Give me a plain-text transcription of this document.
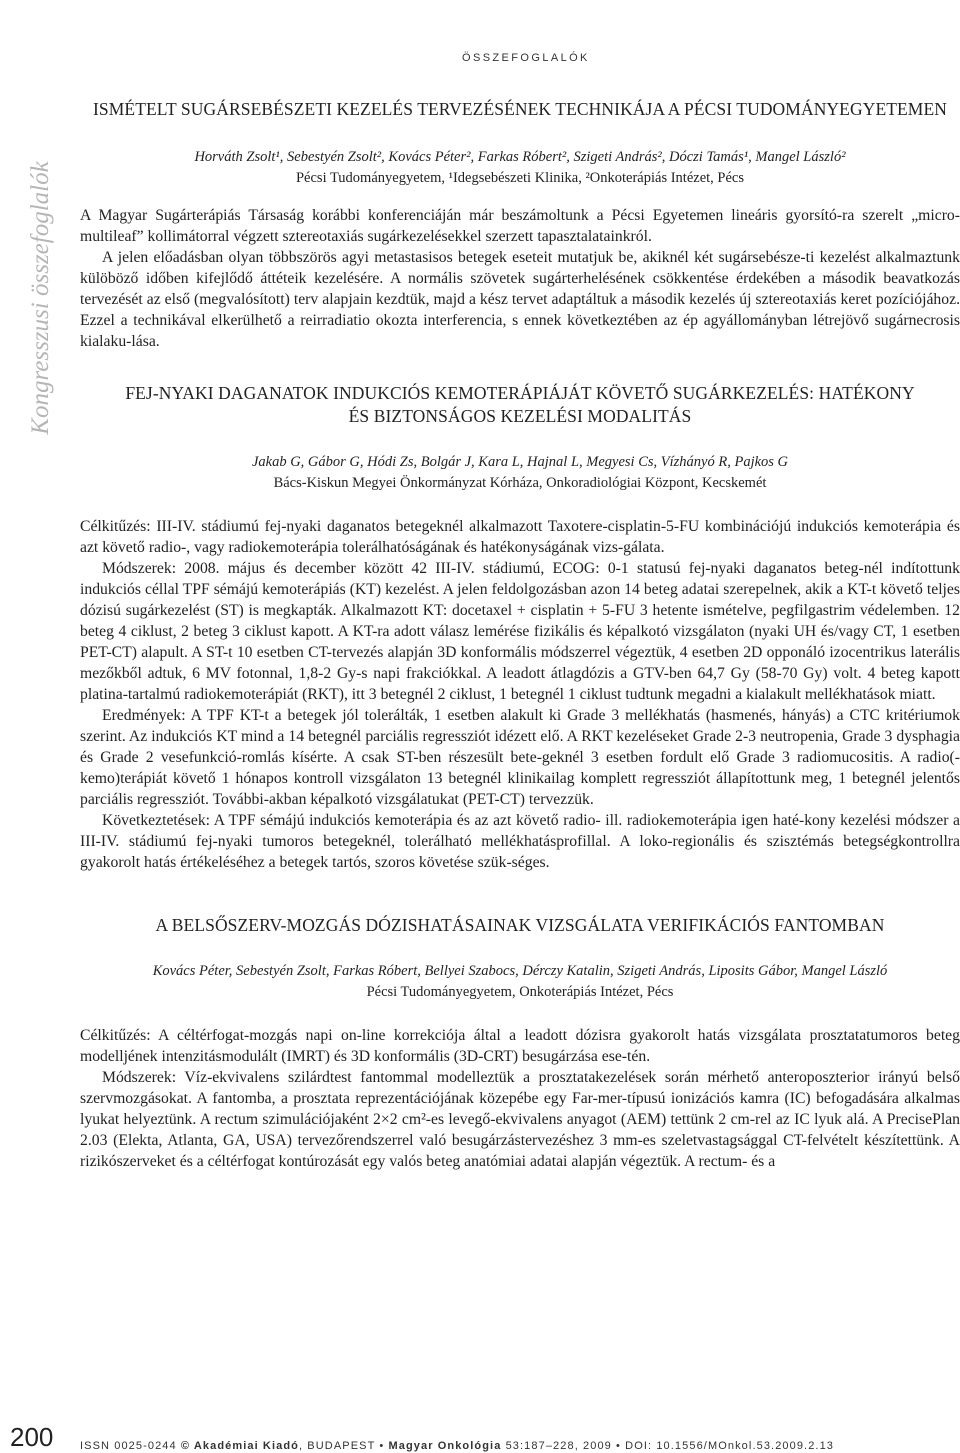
ÖSSZEFOGLALÓK
Kongresszusi összefoglalók
ISMÉTELT SUGÁRSEBÉSZETI KEZELÉS TERVEZÉSÉNEK TECHNIKÁJA A PÉCSI TUDOMÁNYEGYETEMEN
Horváth Zsolt¹, Sebestyén Zsolt², Kovács Péter², Farkas Róbert², Szigeti András², Dóczi Tamás¹, Mangel László²
Pécsi Tudományegyetem, ¹Idegsebészeti Klinika, ²Onkoterápiás Intézet, Pécs

A Magyar Sugárterápiás Társaság korábbi konferenciáján már beszámoltunk a Pécsi Egyetemen lineáris gyorsító-ra szerelt „micro-multileaf” kollimátorral végzett sztereotaxiás sugárkezelésekkel szerzett tapasztalatainkról.

A jelen előadásban olyan többszörös agyi metastasisos betegek eseteit mutatjuk be, akiknél két sugársebésze-ti kezelést alkalmaztunk külöböző időben kifejlődő áttéteik kezelésére. A normális szövetek sugárterhelésének csökkentése érdekében a második beavatkozás tervezését az első (megvalósított) terv alapjain kezdtük, majd a kész tervet adaptáltuk a második kezelés új sztereotaxiás keret pozíciójához. Ezzel a technikával elkerülhető a reirradiatio okozta interferencia, s ennek következtében az ép agyállományban létrejövő sugárnecrosis kialaku-lása.

FEJ-NYAKI DAGANATOK INDUKCIÓS KEMOTERÁPIÁJÁT KÖVETŐ SUGÁRKEZELÉS: HATÉKONY
ÉS BIZTONSÁGOS KEZELÉSI MODALITÁS
Jakab G, Gábor G, Hódi Zs, Bolgár J, Kara L, Hajnal L, Megyesi Cs, Vízhányó R, Pajkos G
Bács-Kiskun Megyei Önkormányzat Kórháza, Onkoradiológiai Központ, Kecskemét

Célkitűzés: III-IV. stádiumú fej-nyaki daganatos betegeknél alkalmazott Taxotere-cisplatin-5-FU kombinációjú indukciós kemoterápia és azt követő radio-, vagy radiokemoterápia tolerálhatóságának és hatékonyságának vizs-gálata.

Módszerek: 2008. május és december között 42 III-IV. stádiumú, ECOG: 0-1 statusú fej-nyaki daganatos beteg-nél indítottunk indukciós céllal TPF sémájú kemoterápiás (KT) kezelést. A jelen feldolgozásban azon 14 beteg adatai szerepelnek, akik a KT-t követő teljes dózisú sugárkezelést (ST) is megkapták. Alkalmazott KT: docetaxel + cisplatin + 5-FU 3 hetente ismételve, pegfilgastrim védelemben. 12 beteg 4 ciklust, 2 beteg 3 ciklust kapott. A KT-ra adott válasz lemérése fizikális és képalkotó vizsgálaton (nyaki UH és/vagy CT, 1 esetben PET-CT) alapult. A ST-t 10 esetben CT-tervezés alapján 3D konformális módszerrel végeztük, 4 esetben 2D opponáló izocentrikus laterális mezőkből adtuk, 6 MV fotonnal, 1,8-2 Gy-s napi frakciókkal. A leadott átlagdózis a GTV-ben 64,7 Gy (58-70 Gy) volt. 4 beteg kapott platina-tartalmú radiokemoterápiát (RKT), itt 3 betegnél 2 ciklust, 1 betegnél 1 ciklust tudtunk megadni a kialakult mellékhatások miatt.

Eredmények: A TPF KT-t a betegek jól tolerálták, 1 esetben alakult ki Grade 3 mellékhatás (hasmenés, hányás) a CTC kritériumok szerint. Az indukciós KT mind a 14 betegnél parciális regressziót idézett elő. A RKT kezeléseket Grade 2-3 neutropenia, Grade 3 dysphagia és Grade 2 vesefunkció-romlás kísérte. A csak ST-ben részesült bete-geknél 3 esetben fordult elő Grade 3 radiomucositis. A radio(-kemo)terápiát követő 1 hónapos kontroll vizsgálaton 13 betegnél klinikailag komplett regressziót állapítottunk meg, 1 betegnél jelentős parciális regressziót. További-akban képalkotó vizsgálatukat (PET-CT) tervezzük.

Következtetések: A TPF sémájú indukciós kemoterápia és az azt követő radio- ill. radiokemoterápia igen haté-kony kezelési módszer a III-IV. stádiumú fej-nyaki tumoros betegeknél, tolerálható mellékhatásprofillal. A loko-regionális és szisztémás betegségkontrollra gyakorolt hatás értékeléséhez a betegek tartós, szoros követése szük-séges.

A BELSŐSZERV-MOZGÁS DÓZISHATÁSAINAK VIZSGÁLATA VERIFIKÁCIÓS FANTOMBAN
Kovács Péter, Sebestyén Zsolt, Farkas Róbert, Bellyei Szabocs, Dérczy Katalin, Szigeti András, Liposits Gábor, Mangel László
Pécsi Tudományegyetem, Onkoterápiás Intézet, Pécs

Célkitűzés: A céltérfogat-mozgás napi on-line korrekciója által a leadott dózisra gyakorolt hatás vizsgálata prosztatatumoros beteg modelljének intenzitásmodulált (IMRT) és 3D konformális (3D-CRT) besugárzása ese-tén.

Módszerek: Víz-ekvivalens szilárdtest fantommal modelleztük a prosztatakezelések során mérhető anteroposzterior irányú belső szervmozgásokat. A fantomba, a prosztata reprezentációjának közepébe egy Far-mer-típusú ionizációs kamra (IC) befogadására alkalmas lyukat helyeztünk. A rectum szimulációjaként 2×2 cm²-es levegő-ekvivalens anyagot (AEM) tettünk 2 cm-rel az IC lyuk alá. A PrecisePlan 2.03 (Elekta, Atlanta, GA, USA) tervezőrendszerrel való besugárzástervezéshez 3 mm-es szeletvastagsággal CT-felvételt készítettünk. A rizikószerveket és a céltérfogat kontúrozását egy valós beteg anatómiai adatai alapján végeztük. A rectum- és a

200 ISSN 0025-0244 © Akadémiai Kiadó, BUDAPEST • Magyar Onkológia 53:187–228, 2009 • DOI: 10.1556/MOnkol.53.2009.2.13
